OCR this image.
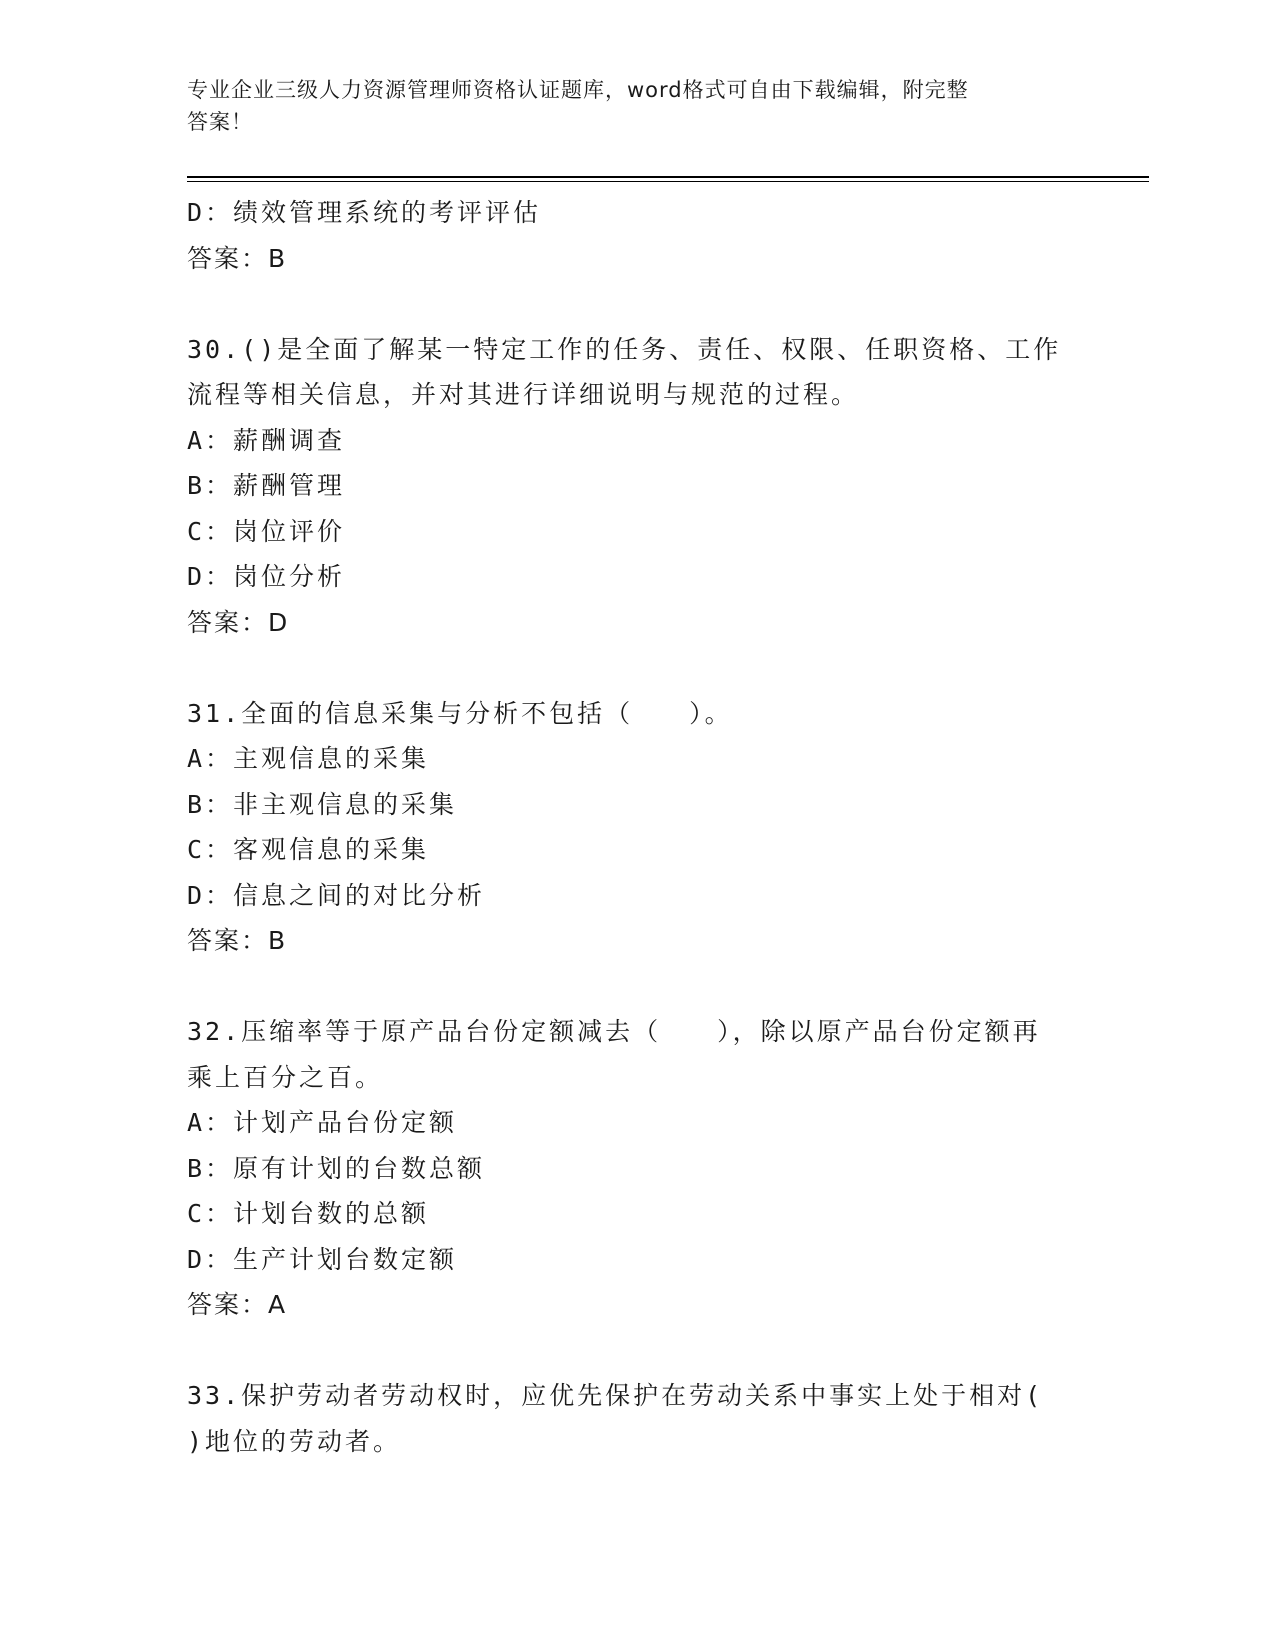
专业企业三级人力资源管理师资格认证题库，word格式可自由下载编辑，附完整
答案！
D：绩效管理系统的考评评估
答案：B
30.()是全面了解某一特定工作的任务、责任、权限、任职资格、工作
流程等相关信息，并对其进行详细说明与规范的过程。
A：薪酬调查
B：薪酬管理
C：岗位评价
D：岗位分析
答案：D
31.全面的信息采集与分析不包括（　　）。
A：主观信息的采集
B：非主观信息的采集
C：客观信息的采集
D：信息之间的对比分析
答案：B
32.压缩率等于原产品台份定额减去（　　），除以原产品台份定额再
乘上百分之百。
A：计划产品台份定额
B：原有计划的台数总额
C：计划台数的总额
D：生产计划台数定额
答案：A
33.保护劳动者劳动权时，应优先保护在劳动关系中事实上处于相对(
)地位的劳动者。
